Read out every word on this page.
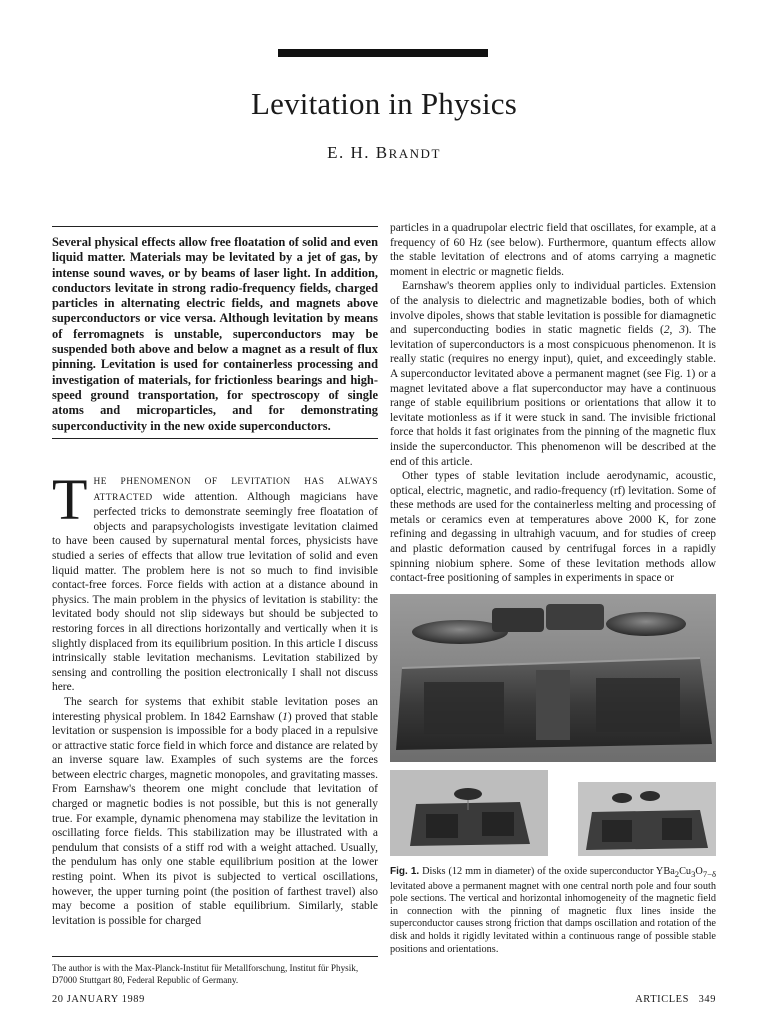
Levitation in Physics
E. H. BRANDT

Several physical effects allow free floatation of solid and even liquid matter. Materials may be levitated by a jet of gas, by intense sound waves, or by beams of laser light. In addition, conductors levitate in strong radio-frequency fields, charged particles in alternating electric fields, and magnets above superconductors or vice versa. Although levitation by means of ferromagnets is unstable, superconductors may be suspended both above and below a magnet as a result of flux pinning. Levitation is used for containerless processing and investigation of materials, for frictionless bearings and high-speed ground transportation, for spectroscopy of single atoms and microparticles, and for demonstrating superconductivity in the new oxide superconductors.

THE PHENOMENON OF LEVITATION HAS ALWAYS ATTRACTED wide attention. Although magicians have perfected tricks to demonstrate seemingly free floatation of objects and parapsychologists investigate levitation claimed to have been caused by supernatural mental forces, physicists have studied a series of effects that allow true levitation of solid and even liquid matter. The problem here is not so much to find invisible contact-free forces. Force fields with action at a distance abound in physics. The main problem in the physics of levitation is stability: the levitated body should not slip sideways but should be subjected to restoring forces in all directions horizontally and vertically when it is slightly displaced from its equilibrium position. In this article I discuss intrinsically stable levitation mechanisms. Levitation stabilized by sensing and controlling the position electronically I shall not discuss here.

The search for systems that exhibit stable levitation poses an interesting physical problem. In 1842 Earnshaw (1) proved that stable levitation or suspension is impossible for a body placed in a repulsive or attractive static force field in which force and distance are related by an inverse square law. Examples of such systems are the forces between electric charges, magnetic monopoles, and gravitating masses. From Earnshaw's theorem one might conclude that levitation of charged or magnetic bodies is not possible, but this is not generally true. For example, dynamic phenomena may stabilize the levitation in oscillating force fields. This stabilization may be illustrated with a pendulum that consists of a stiff rod with a weight attached. Usually, the pendulum has only one stable equilibrium position at the lower resting point. When its pivot is subjected to vertical oscillations, however, the upper turning point (the position of farthest travel) also may become a position of stable equilibrium. Similarly, stable levitation is possible for charged

particles in a quadrupolar electric field that oscillates, for example, at a frequency of 60 Hz (see below). Furthermore, quantum effects allow the stable levitation of electrons and of atoms carrying a magnetic moment in electric or magnetic fields.

Earnshaw's theorem applies only to individual particles. Extension of the analysis to dielectric and magnetizable bodies, both of which involve dipoles, shows that stable levitation is possible for diamagnetic and superconducting bodies in static magnetic fields (2, 3). The levitation of superconductors is a most conspicuous phenomenon. It is really static (requires no energy input), quiet, and exceedingly stable. A superconductor levitated above a permanent magnet (see Fig. 1) or a magnet levitated above a flat superconductor may have a continuous range of stable equilibrium positions or orientations that allow it to levitate motionless as if it were stuck in sand. The invisible frictional force that holds it fast originates from the pinning of the magnetic flux inside the superconductor. This phenomenon will be described at the end of this article.

Other types of stable levitation include aerodynamic, acoustic, optical, electric, magnetic, and radio-frequency (rf) levitation. Some of these methods are used for the containerless melting and processing of metals or ceramics even at temperatures above 2000 K, for zone refining and degassing in ultrahigh vacuum, and for studies of creep and plastic deformation caused by centrifugal forces in a rapidly spinning niobium sphere. Some of these levitation methods allow contact-free positioning of samples in experiments in space or

Fig. 1. Disks (12 mm in diameter) of the oxide superconductor $YBa_2Cu_3O_{7-\delta}$ levitated above a permanent magnet with one central north pole and four south pole sections. The vertical and horizontal inhomogeneity of the magnetic field in connection with the pinning of magnetic flux lines inside the superconductor causes strong friction that damps oscillation and rotation of the disk and holds it rigidly levitated within a continuous range of possible stable positions and orientations.

The author is with the Max-Planck-Institut für Metallforschung, Institut für Physik, D7000 Stuttgart 80, Federal Republic of Germany.

20 JANUARY 1989	ARTICLES 349
